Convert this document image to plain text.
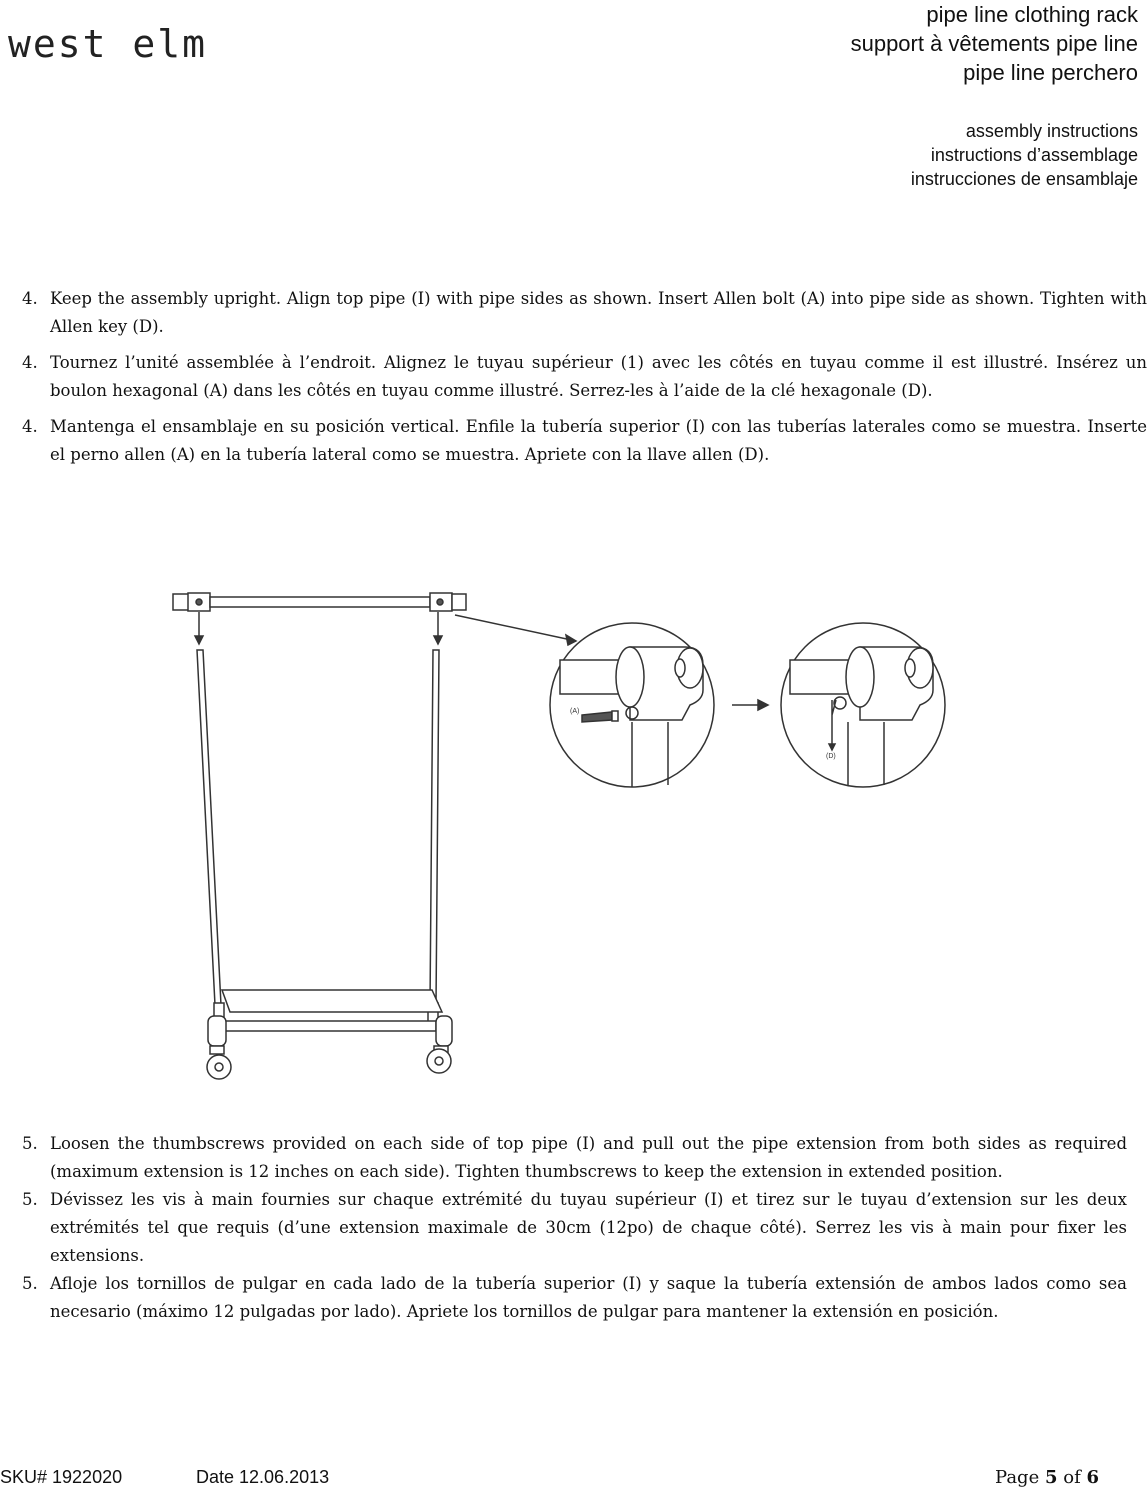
west elm
pipe line clothing rack
support à vêtements pipe line
pipe line perchero
assembly instructions
instructions d’assemblage
instrucciones de ensamblaje

4. Keep the assembly upright. Align top pipe (I) with pipe sides as shown. Insert Allen bolt (A) into pipe side as shown. Tighten with Allen key (D).

4. Tournez l’unité assemblée à l’endroit. Alignez le tuyau supérieur (1) avec les côtés en tuyau comme il est illustré. Insérez un boulon hexagonal (A) dans les côtés en tuyau comme illustré. Serrez-les à l’aide de la clé hexagonale (D).

4. Mantenga el ensamblaje en su posición vertical. Enfile la tubería superior (I) con las tuberías laterales como se muestra. Inserte el perno allen (A) en la tubería lateral como se muestra. Apriete con la llave allen (D).

(A)
(D)

5. Loosen the thumbscrews provided on each side of top pipe (I) and pull out the pipe extension from both sides as required (maximum extension is 12 inches on each side). Tighten thumbscrews to keep the extension in extended position.

5. Dévissez les vis à main fournies sur chaque extrémité du tuyau supérieur (I) et tirez sur le tuyau d’extension sur les deux extrémités tel que requis (d’une extension maximale de 30cm (12po) de chaque côté). Serrez les vis à main pour fixer les extensions.

5. Afloje los tornillos de pulgar en cada lado de la tubería superior (I) y saque la tubería extensión de ambos lados como sea necesario (máximo 12 pulgadas por lado). Apriete los tornillos de pulgar para mantener la extensión en posición.

SKU# 1922020	Date 12.06.2013	Page 5 of 6
